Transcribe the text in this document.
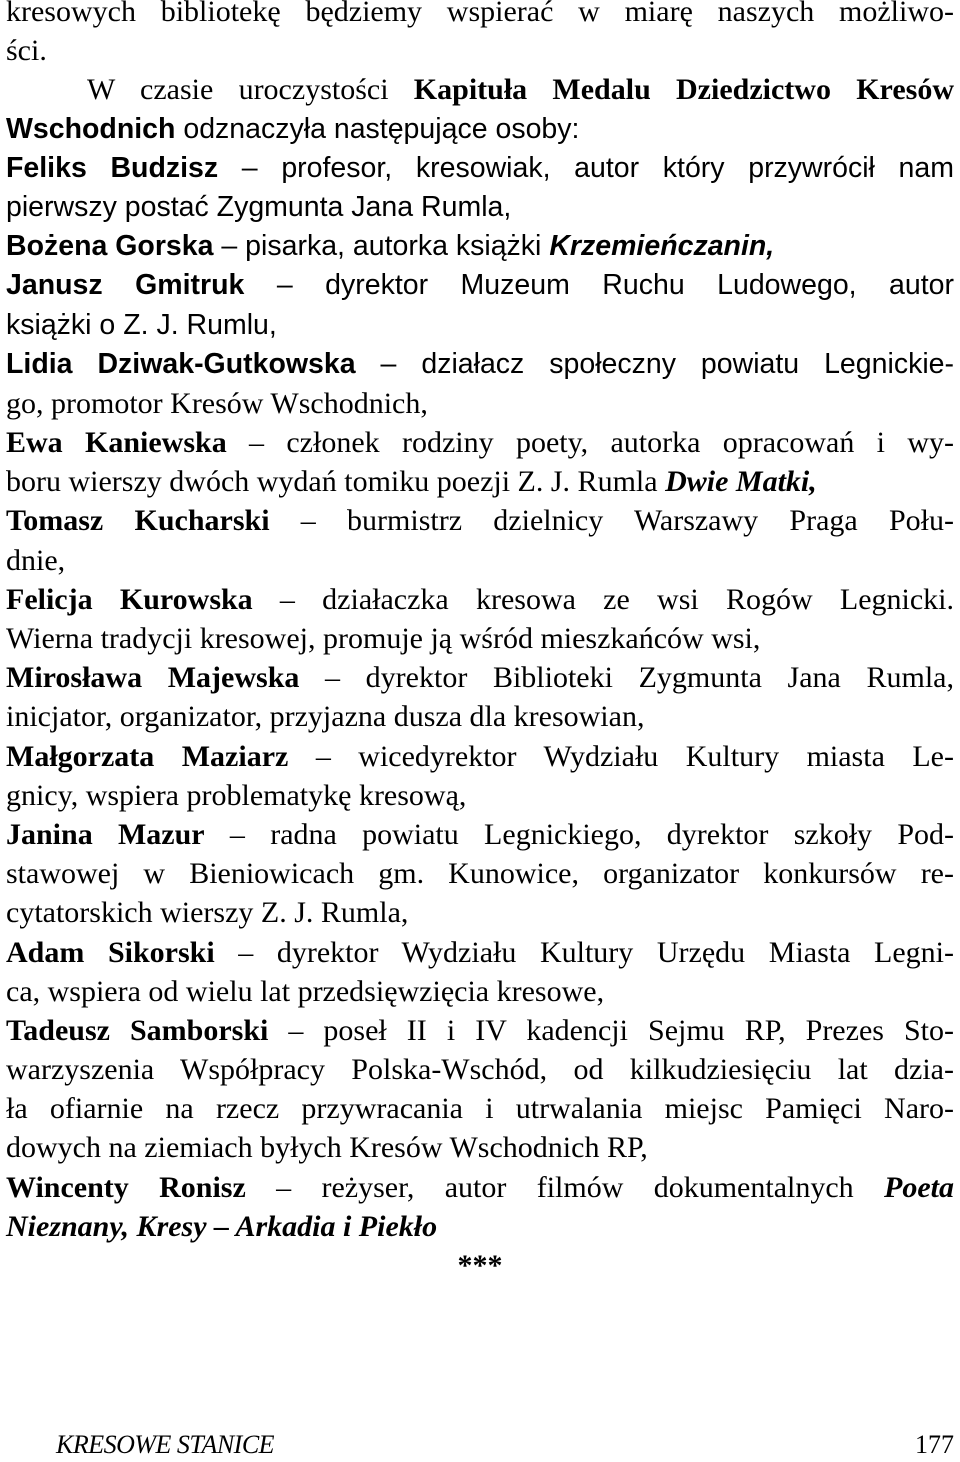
kresowych bibliotekę będziemy wspierać w miarę naszych możliwo-
ści.
W czasie uroczystości Kapituła Medalu Dziedzictwo Kresów
Wschodnich odznaczyła następujące osoby:
Feliks Budzisz – profesor, kresowiak, autor który przywrócił nam
pierwszy postać Zygmunta Jana Rumla,
Bożena Gorska – pisarka, autorka książki Krzemieńczanin,
Janusz Gmitruk – dyrektor Muzeum Ruchu Ludowego, autor
książki o Z. J. Rumlu,
Lidia Dziwak-Gutkowska – działacz społeczny powiatu Legnickie-
go, promotor Kresów Wschodnich,
Ewa Kaniewska – członek rodziny poety, autorka opracowań i wy-
boru wierszy dwóch wydań tomiku poezji Z. J. Rumla Dwie Matki,
Tomasz Kucharski – burmistrz dzielnicy Warszawy Praga Połu-
dnie,
Felicja Kurowska – działaczka kresowa ze wsi Rogów Legnicki.
Wierna tradycji kresowej, promuje ją wśród mieszkańców wsi,
Mirosława Majewska – dyrektor Biblioteki Zygmunta Jana Rumla,
inicjator, organizator, przyjazna dusza dla kresowian,
Małgorzata Maziarz – wicedyrektor Wydziału Kultury miasta Le-
gnicy, wspiera problematykę kresową,
Janina Mazur – radna powiatu Legnickiego, dyrektor szkoły Pod-
stawowej w Bieniowicach gm. Kunowice, organizator konkursów re-
cytatorskich wierszy Z. J. Rumla,
Adam Sikorski – dyrektor Wydziału Kultury Urzędu Miasta Legni-
ca, wspiera od wielu lat przedsięwzięcia kresowe,
Tadeusz Samborski – poseł II i IV kadencji Sejmu RP, Prezes Sto-
warzyszenia Współpracy Polska-Wschód, od kilkudziesięciu lat dzia-
ła ofiarnie na rzecz przywracania i utrwalania miejsc Pamięci Naro-
dowych na ziemiach byłych Kresów Wschodnich RP,
Wincenty Ronisz – reżyser, autor filmów dokumentalnych Poeta
Nieznany, Kresy – Arkadia i Piekło
***
KRESOWE STANICE	177
